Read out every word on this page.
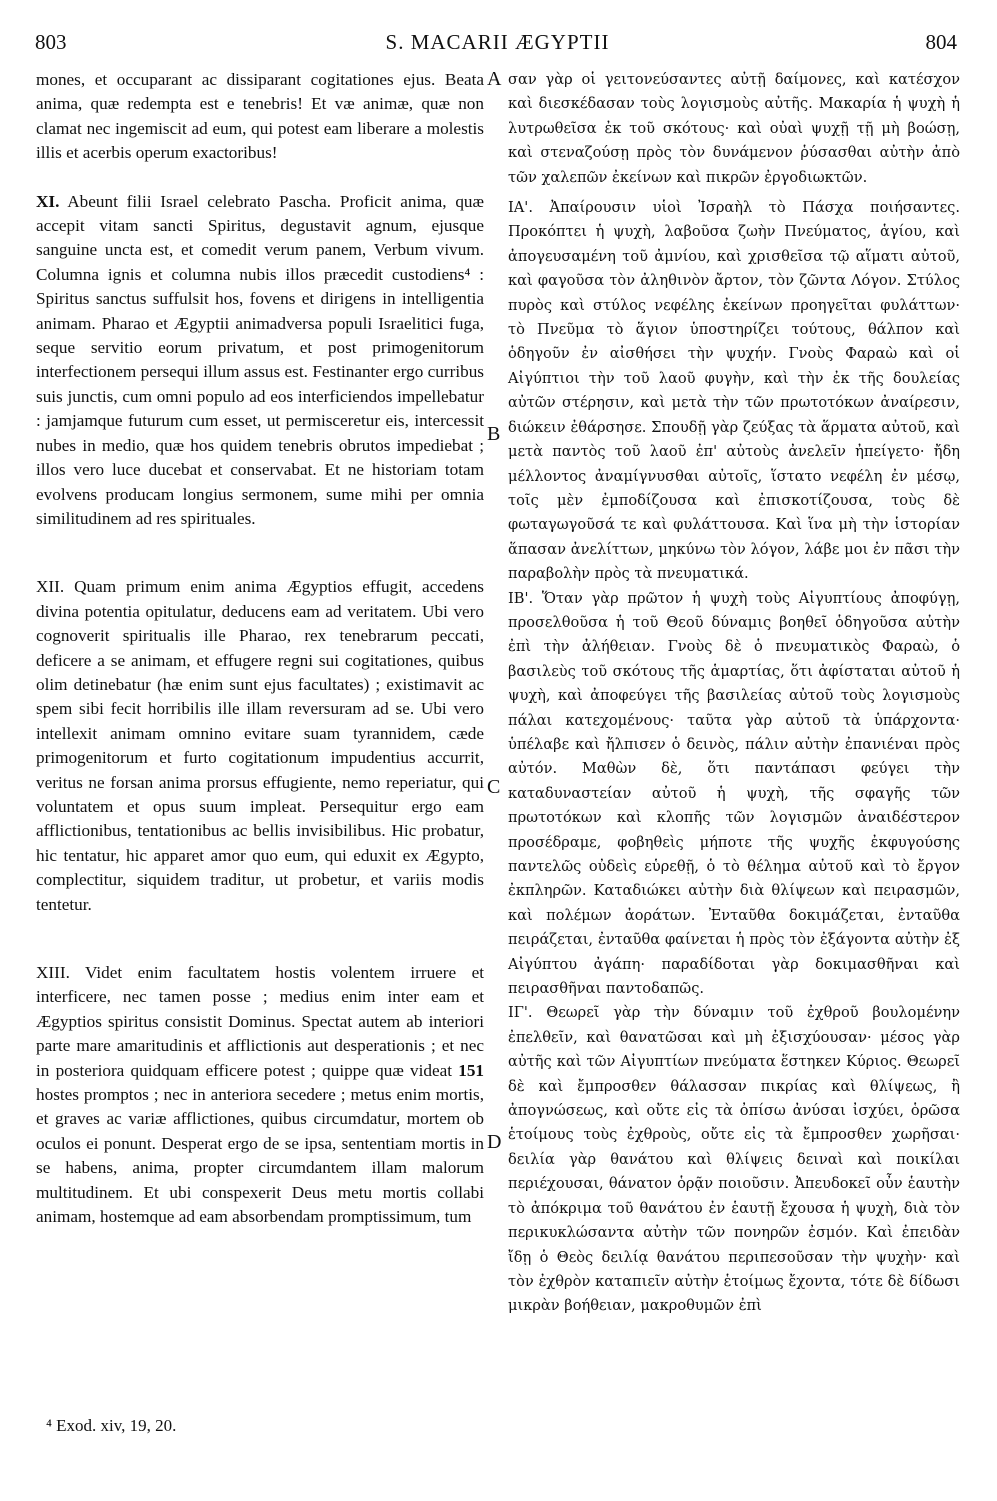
803	S. MACARII ÆGYPTII	804

mones, et occuparant ac dissiparant cogitationes ejus. Beata anima, quæ redempta est e tenebris! Et væ animæ, quæ non clamat nec ingemiscit ad eum, qui potest eam liberare a molestis illis et acerbis operum exactoribus!

XI. Abeunt filii Israel celebrato Pascha. Proficit anima, quæ accepit vitam sancti Spiritus, degustavit agnum, ejusque sanguine uncta est, et comedit verum panem, Verbum vivum. Columna ignis et columna nubis illos præcedit custodiens⁴ : Spiritus sanctus suffulsit hos, fovens et dirigens in intelligentia animam. Pharao et Ægyptii animadversa populi Israelitici fuga, seque servitio eorum privatum, et post primogenitorum interfectionem persequi illum assus est. Festinanter ergo curribus suis junctis, cum omni populo ad eos interficiendos impellebatur : jamjamque futurum cum esset, ut permisceretur eis, intercessit nubes in medio, quæ hos quidem tenebris obrutos impediebat ; illos vero luce ducebat et conservabat. Et ne historiam totam evolvens producam longius sermonem, sume mihi per omnia similitudinem ad res spirituales.

XII. Quam primum enim anima Ægyptios effugit, accedens divina potentia opitulatur, deducens eam ad veritatem. Ubi vero cognoverit spiritualis ille Pharao, rex tenebrarum peccati, deficere a se animam, et effugere regni sui cogitationes, quibus olim detinebatur (hæ enim sunt ejus facultates) ; existimavit ac spem sibi fecit horribilis ille illam reversuram ad se. Ubi vero intellexit animam omnino evitare suam tyrannidem, cæde primogenitorum et furto cogitationum impudentius accurrit, veritus ne forsan anima prorsus effugiente, nemo reperiatur, qui voluntatem et opus suum impleat. Persequitur ergo eam afflictionibus, tentationibus ac bellis invisibilibus. Hic probatur, hic tentatur, hic apparet amor quo eum, qui eduxit ex Ægypto, complectitur, siquidem traditur, ut probetur, et variis modis tentetur.

XIII. Videt enim facultatem hostis volentem irruere et interficere, nec tamen posse ; medius enim inter eam et Ægyptios spiritus consistit Dominus. Spectat autem ab interiori parte mare amaritudinis et afflictionis aut desperationis ; et nec in posteriora quidquam efficere potest ; quippe quæ videat 151 hostes promptos ; nec in anteriora secedere ; metus enim mortis, et graves ac variæ afflictiones, quibus circumdatur, mortem ob oculos ei ponunt. Desperat ergo de se ipsa, sententiam mortis in se habens, anima, propter circumdantem illam malorum multitudinem. Et ubi conspexerit Deus metu mortis collabi animam, hostemque ad eam absorbendam promptissimum, tum

A
B
C
D

σαν γὰρ οἱ γειτονεύσαντες αὐτῇ δαίμονες, καὶ κατέσχον καὶ διεσκέδασαν τοὺς λογισμοὺς αὐτῆς. Μακαρία ἡ ψυχὴ ἡ λυτρωθεῖσα ἐκ τοῦ σκότους· καὶ οὐαὶ ψυχῇ τῇ μὴ βοώσῃ, καὶ στεναζούσῃ πρὸς τὸν δυνάμενον ῥύσασθαι αὐτὴν ἀπὸ τῶν χαλεπῶν ἐκείνων καὶ πικρῶν ἐργοδιωκτῶν.

ΙΑ'. Ἀπαίρουσιν υἱοὶ Ἰσραὴλ τὸ Πάσχα ποιήσαντες. Προκόπτει ἡ ψυχὴ, λαβοῦσα ζωὴν Πνεύματος, ἁγίου, καὶ ἀπογευσαμένη τοῦ ἀμνίου, καὶ χρισθεῖσα τῷ αἵματι αὐτοῦ, καὶ φαγοῦσα τὸν ἀληθινὸν ἄρτον, τὸν ζῶντα Λόγον. Στύλος πυρὸς καὶ στύλος νεφέλης ἐκείνων προηγεῖται φυλάττων· τὸ Πνεῦμα τὸ ἅγιον ὑποστηρίζει τούτους, θάλπον καὶ ὁδηγοῦν ἐν αἰσθήσει τὴν ψυχήν. Γνοὺς Φαραὼ καὶ οἱ Αἰγύπτιοι τὴν τοῦ λαοῦ φυγὴν, καὶ τὴν ἐκ τῆς δουλείας αὐτῶν στέρησιν, καὶ μετὰ τὴν τῶν πρωτοτόκων ἀναίρεσιν, διώκειν ἐθάρσησε. Σπουδῇ γὰρ ζεύξας τὰ ἅρματα αὐτοῦ, καὶ μετὰ παντὸς τοῦ λαοῦ ἐπ' αὐτοὺς ἀνελεῖν ἠπείγετο· ἤδη μέλλοντος ἀναμίγνυσθαι αὐτοῖς, ἵστατο νεφέλη ἐν μέσῳ, τοῖς μὲν ἐμποδίζουσα καὶ ἐπισκοτίζουσα, τοὺς δὲ φωταγωγοῦσά τε καὶ φυλάττουσα. Καὶ ἵνα μὴ τὴν ἱστορίαν ἅπασαν ἀνελίττων, μηκύνω τὸν λόγον, λάβε μοι ἐν πᾶσι τὴν παραβολὴν πρὸς τὰ πνευματικά.

ΙΒ'. Ὅταν γὰρ πρῶτον ἡ ψυχὴ τοὺς Αἰγυπτίους ἀποφύγῃ, προσελθοῦσα ἡ τοῦ Θεοῦ δύναμις βοηθεῖ ὁδηγοῦσα αὐτὴν ἐπὶ τὴν ἀλήθειαν. Γνοὺς δὲ ὁ πνευματικὸς Φαραὼ, ὁ βασιλεὺς τοῦ σκότους τῆς ἁμαρτίας, ὅτι ἀφίσταται αὐτοῦ ἡ ψυχὴ, καὶ ἀποφεύγει τῆς βασιλείας αὐτοῦ τοὺς λογισμοὺς πάλαι κατεχομένους· ταῦτα γὰρ αὐτοῦ τὰ ὑπάρχοντα· ὑπέλαβε καὶ ἤλπισεν ὁ δεινὸς, πάλιν αὐτὴν ἐπανιέναι πρὸς αὐτόν. Μαθὼν δὲ, ὅτι παντάπασι φεύγει τὴν καταδυναστείαν αὐτοῦ ἡ ψυχὴ, τῆς σφαγῆς τῶν πρωτοτόκων καὶ κλοπῆς τῶν λογισμῶν ἀναιδέστερον προσέδραμε, φοβηθεὶς μήποτε τῆς ψυχῆς ἐκφυγούσης παντελῶς οὐδεὶς εὑρεθῇ, ὁ τὸ θέλημα αὐτοῦ καὶ τὸ ἔργον ἐκπληρῶν. Καταδιώκει αὐτὴν διὰ θλίψεων καὶ πειρασμῶν, καὶ πολέμων ἀοράτων. Ἐνταῦθα δοκιμάζεται, ἐνταῦθα πειράζεται, ἐνταῦθα φαίνεται ἡ πρὸς τὸν ἐξάγοντα αὐτὴν ἐξ Αἰγύπτου ἀγάπη· παραδίδοται γὰρ δοκιμασθῆναι καὶ πειρασθῆναι παντοδαπῶς.

ΙΓ'. Θεωρεῖ γὰρ τὴν δύναμιν τοῦ ἐχθροῦ βουλομένην ἐπελθεῖν, καὶ θανατῶσαι καὶ μὴ ἐξισχύουσαν· μέσος γὰρ αὐτῆς καὶ τῶν Αἰγυπτίων πνεύματα ἕστηκεν Κύριος. Θεωρεῖ δὲ καὶ ἔμπροσθεν θάλασσαν πικρίας καὶ θλίψεως, ἢ ἀπογνώσεως, καὶ οὔτε εἰς τὰ ὀπίσω ἀνύσαι ἰσχύει, ὁρῶσα ἑτοίμους τοὺς ἐχθροὺς, οὔτε εἰς τὰ ἔμπροσθεν χωρῆσαι· δειλία γὰρ θανάτου καὶ θλίψεις δειναὶ καὶ ποικίλαι περιέχουσαι, θάνατον ὁρᾷν ποιοῦσιν. Ἀπευδοκεῖ οὖν ἑαυτὴν τὸ ἀπόκριμα τοῦ θανάτου ἐν ἑαυτῇ ἔχουσα ἡ ψυχὴ, διὰ τὸν περικυκλώσαντα αὐτὴν τῶν πονηρῶν ἐσμόν. Καὶ ἐπειδὰν ἴδῃ ὁ Θεὸς δειλίᾳ θανάτου περιπεσοῦσαν τὴν ψυχὴν· καὶ τὸν ἐχθρὸν καταπιεῖν αὐτὴν ἑτοίμως ἔχοντα, τότε δὲ δίδωσι μικρὰν βοήθειαν, μακροθυμῶν ἐπὶ

⁴ Exod. xiv, 19, 20.
